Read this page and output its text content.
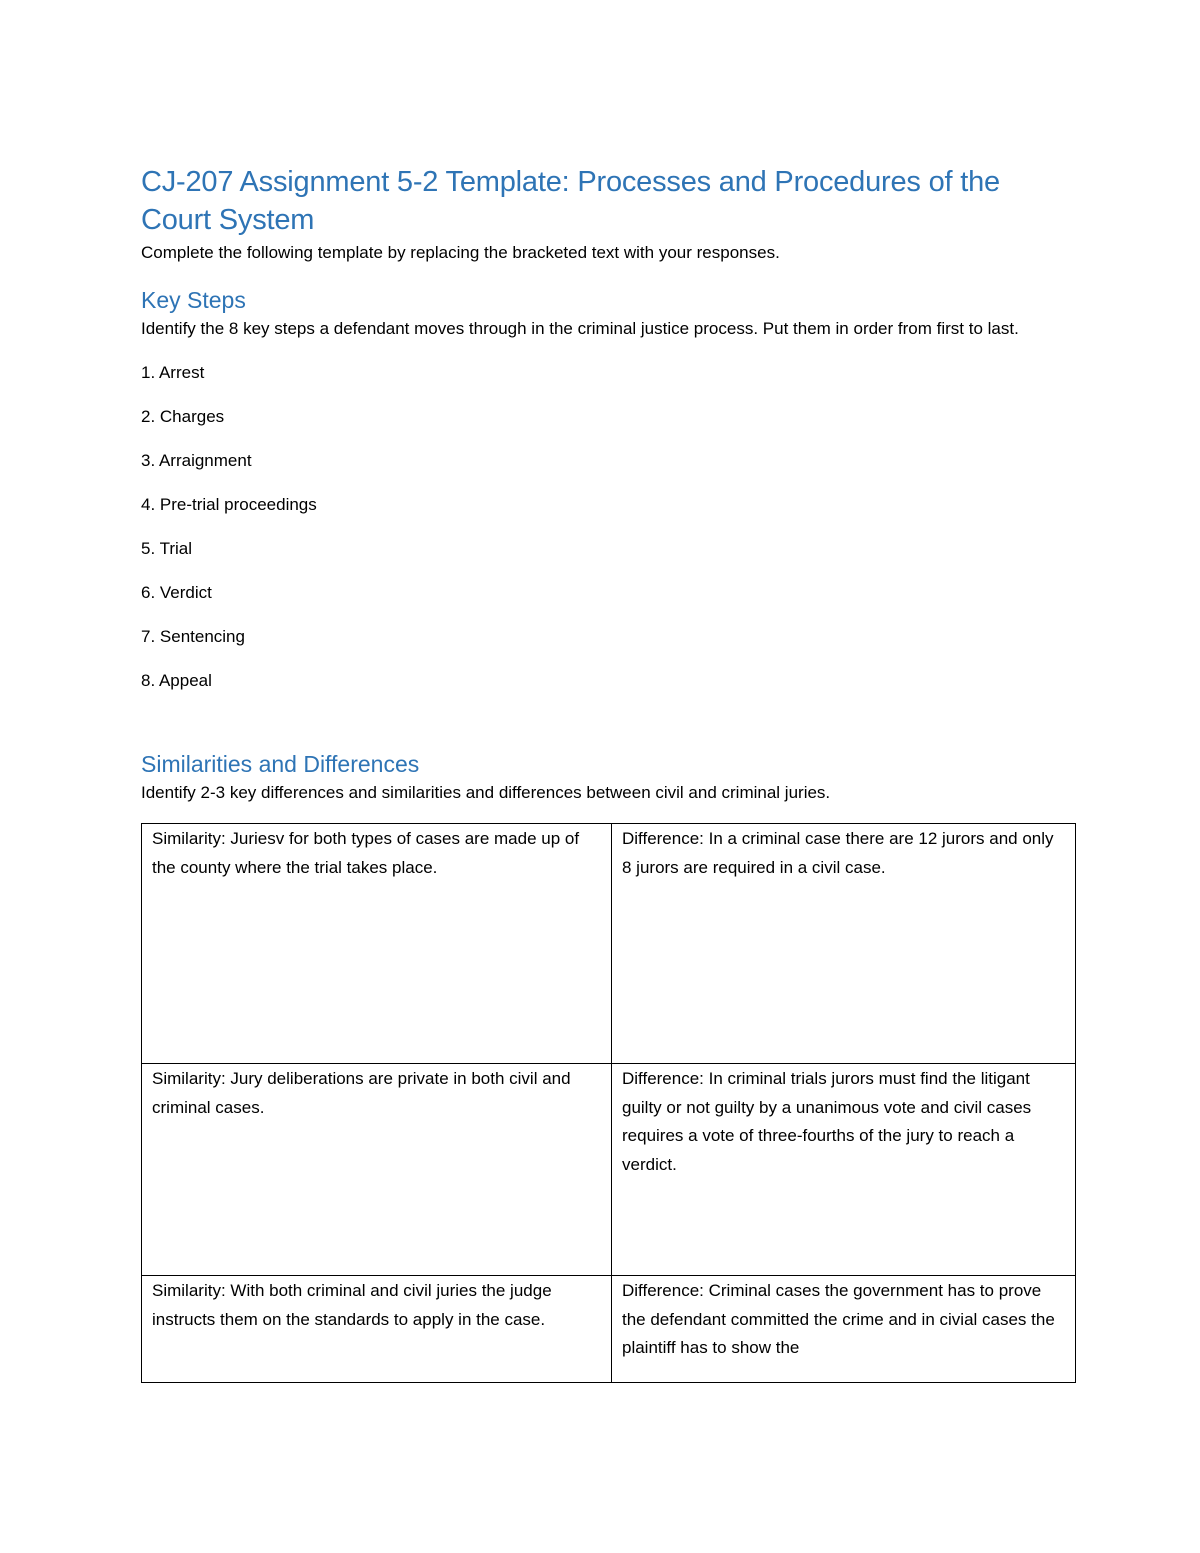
CJ-207 Assignment 5-2 Template: Processes and Procedures of the
Court System

Complete the following template by replacing the bracketed text with your responses.

Key Steps

Identify the 8 key steps a defendant moves through in the criminal justice process. Put them in order from first to last.

1. Arrest
2. Charges
3. Arraignment
4. Pre-trial proceedings
5. Trial
6. Verdict
7. Sentencing
8. Appeal
Similarities and Differences

Identify 2-3 key differences and similarities and differences between civil and criminal juries.

Similarity: Juriesv for both types of cases are made up of the county where the trial takes place.	Difference: In a criminal case there are 12 jurors and only 8 jurors are required in a civil case.
Similarity: Jury deliberations are private in both civil and criminal cases.	Difference: In criminal trials jurors must find the litigant guilty or not guilty by a unanimous vote and civil cases requires a vote of three-fourths of the jury to reach a verdict.
Similarity: With both criminal and civil juries the judge instructs them on the standards to apply in the case.	Difference: Criminal cases the government has to prove the defendant committed the crime and in civial cases the plaintiff has to show the
